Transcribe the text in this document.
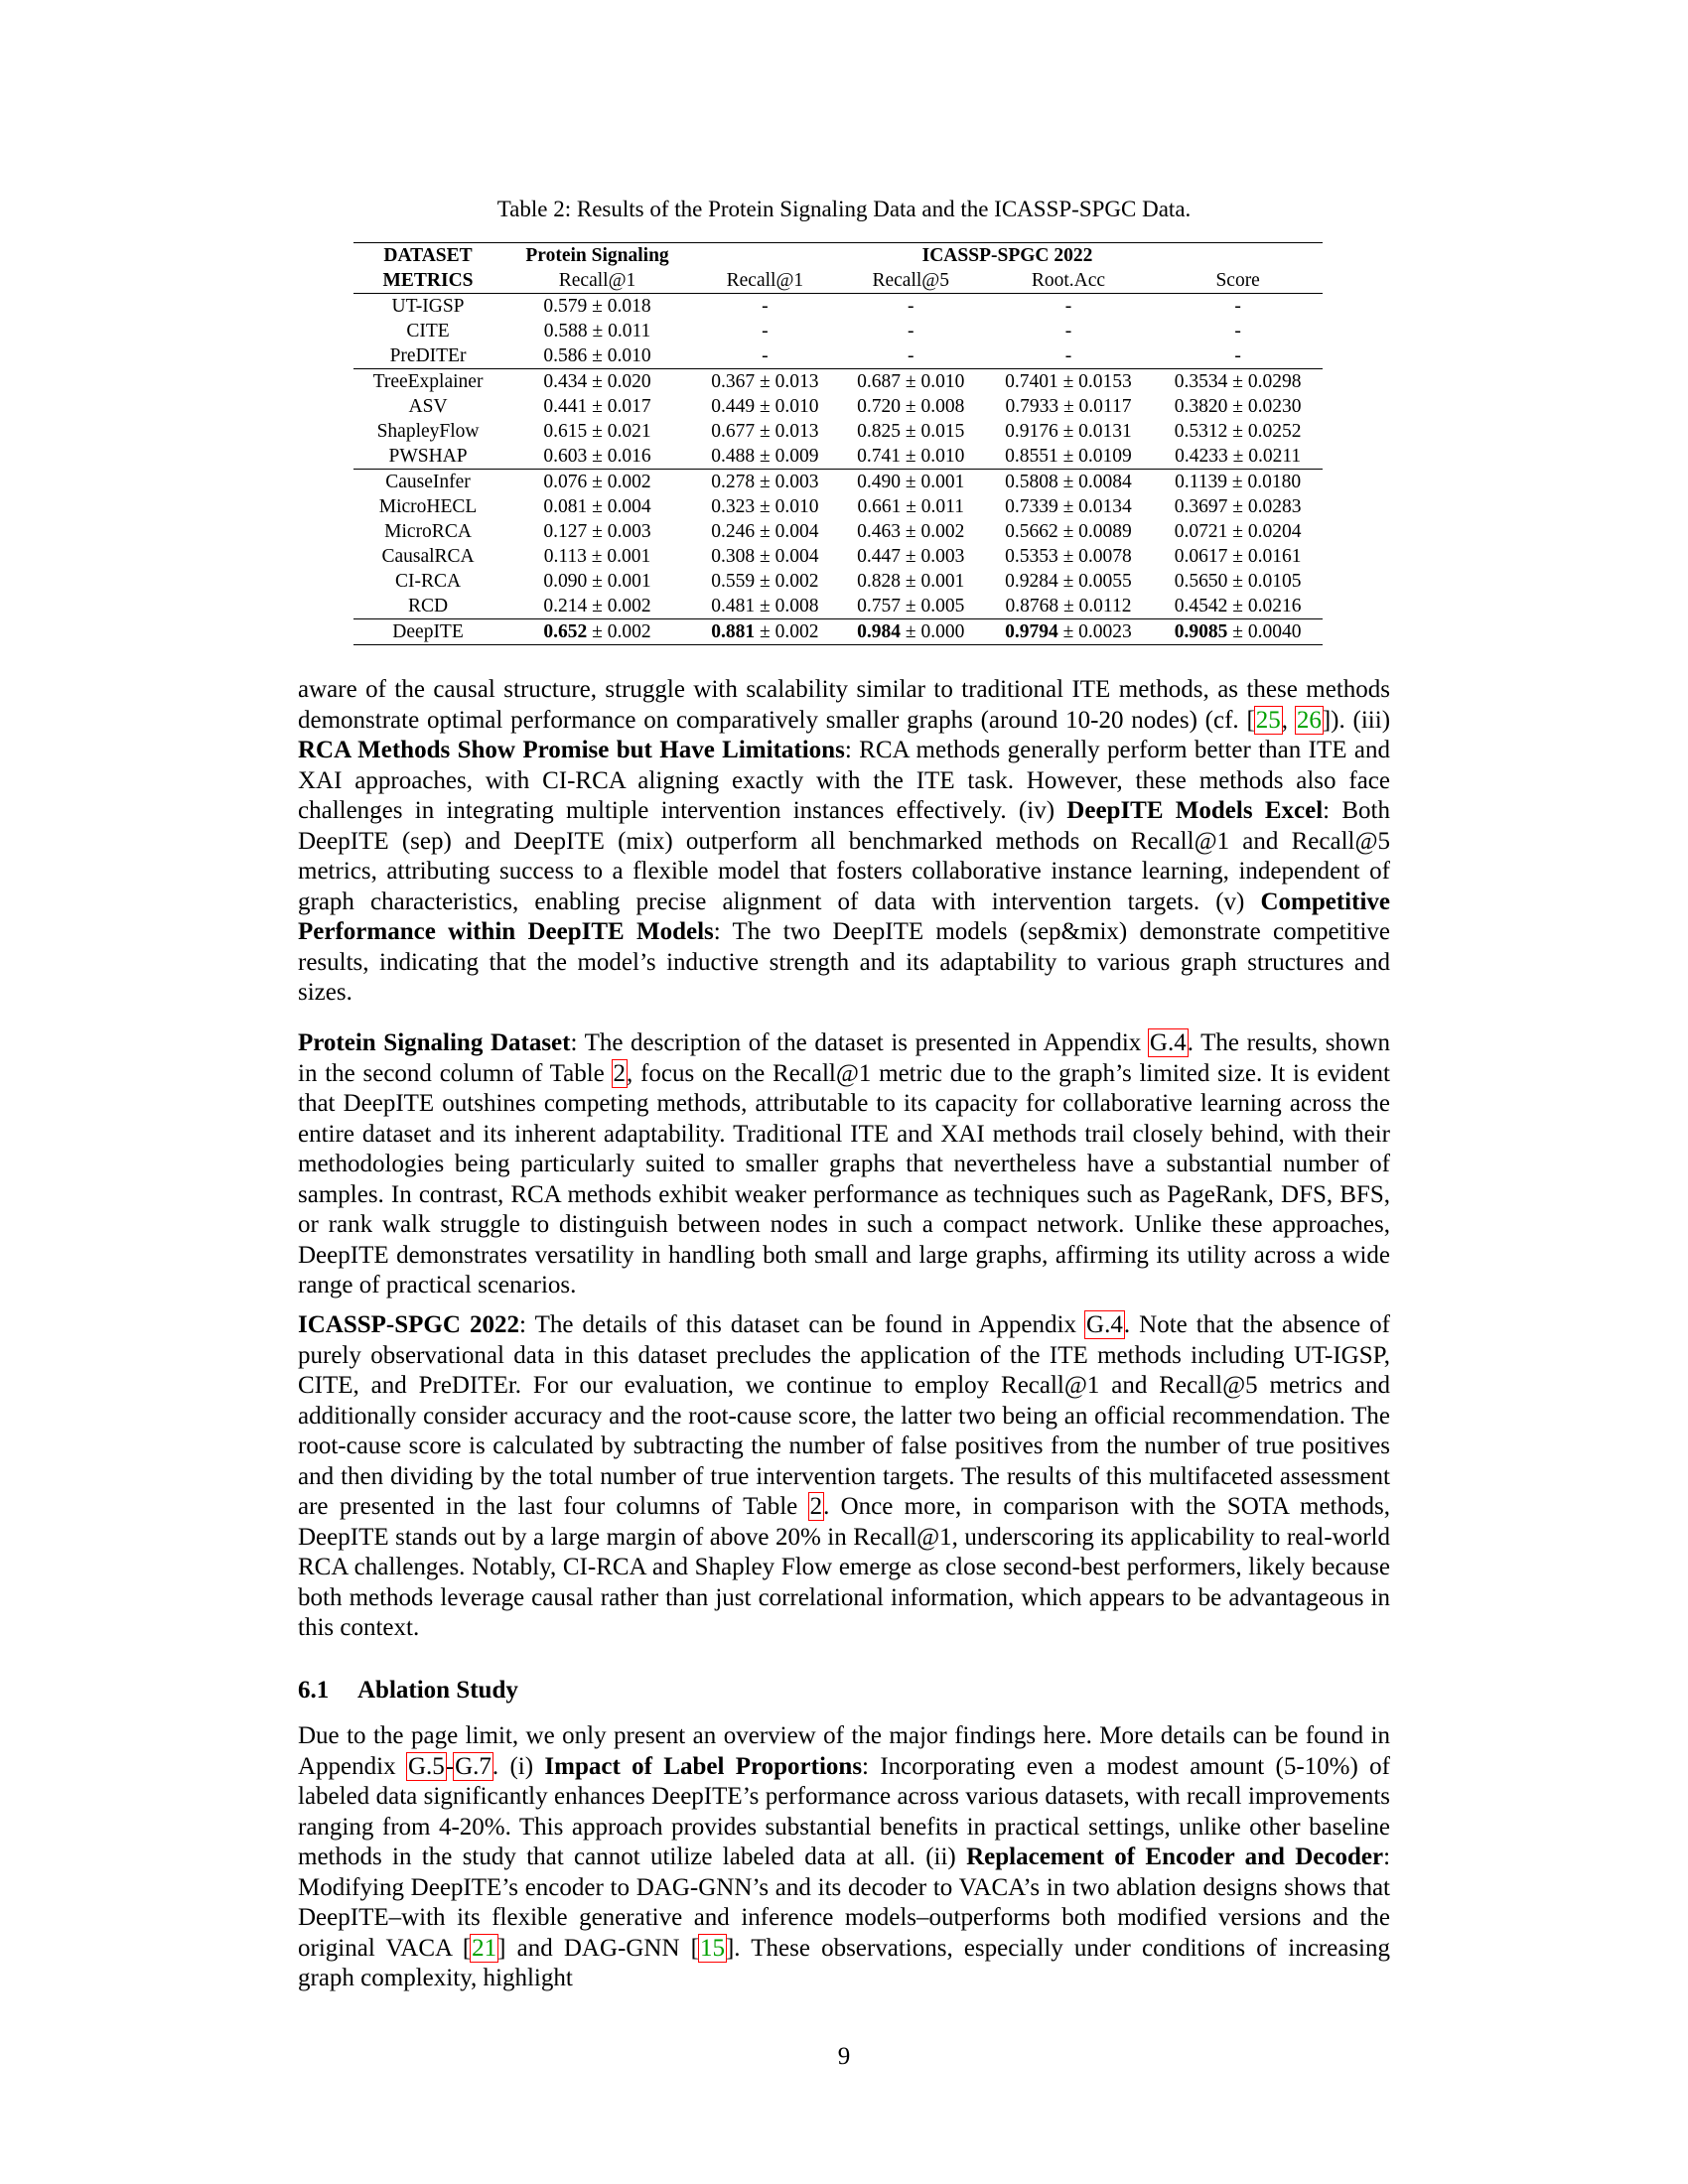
Table 2: Results of the Protein Signaling Data and the ICASSP-SPGC Data.
DATASET	Protein Signaling	ICASSP-SPGC 2022			
METRICS	Recall@1	Recall@1	Recall@5	Root.Acc	Score
UT-IGSP	0.579 ± 0.018	-	-	-	-
CITE	0.588 ± 0.011	-	-	-	-
PreDITEr	0.586 ± 0.010	-	-	-	-
TreeExplainer	0.434 ± 0.020	0.367 ± 0.013	0.687 ± 0.010	0.7401 ± 0.0153	0.3534 ± 0.0298
ASV	0.441 ± 0.017	0.449 ± 0.010	0.720 ± 0.008	0.7933 ± 0.0117	0.3820 ± 0.0230
ShapleyFlow	0.615 ± 0.021	0.677 ± 0.013	0.825 ± 0.015	0.9176 ± 0.0131	0.5312 ± 0.0252
PWSHAP	0.603 ± 0.016	0.488 ± 0.009	0.741 ± 0.010	0.8551 ± 0.0109	0.4233 ± 0.0211
CauseInfer	0.076 ± 0.002	0.278 ± 0.003	0.490 ± 0.001	0.5808 ± 0.0084	0.1139 ± 0.0180
MicroHECL	0.081 ± 0.004	0.323 ± 0.010	0.661 ± 0.011	0.7339 ± 0.0134	0.3697 ± 0.0283
MicroRCA	0.127 ± 0.003	0.246 ± 0.004	0.463 ± 0.002	0.5662 ± 0.0089	0.0721 ± 0.0204
CausalRCA	0.113 ± 0.001	0.308 ± 0.004	0.447 ± 0.003	0.5353 ± 0.0078	0.0617 ± 0.0161
CI-RCA	0.090 ± 0.001	0.559 ± 0.002	0.828 ± 0.001	0.9284 ± 0.0055	0.5650 ± 0.0105
RCD	0.214 ± 0.002	0.481 ± 0.008	0.757 ± 0.005	0.8768 ± 0.0112	0.4542 ± 0.0216
DeepITE	0.652 ± 0.002	0.881 ± 0.002	0.984 ± 0.000	0.9794 ± 0.0023	0.9085 ± 0.0040
aware of the causal structure, struggle with scalability similar to traditional ITE methods, as these methods demonstrate optimal performance on comparatively smaller graphs (around 10-20 nodes) (cf. [25, 26]). (iii) RCA Methods Show Promise but Have Limitations: RCA methods generally perform better than ITE and XAI approaches, with CI-RCA aligning exactly with the ITE task. However, these methods also face challenges in integrating multiple intervention instances effectively. (iv) DeepITE Models Excel: Both DeepITE (sep) and DeepITE (mix) outperform all benchmarked methods on Recall@1 and Recall@5 metrics, attributing success to a flexible model that fosters collaborative instance learning, independent of graph characteristics, enabling precise alignment of data with intervention targets. (v) Competitive Performance within DeepITE Models: The two DeepITE models (sep&mix) demonstrate competitive results, indicating that the model’s inductive strength and its adaptability to various graph structures and sizes.
Protein Signaling Dataset: The description of the dataset is presented in Appendix G.4. The results, shown in the second column of Table 2, focus on the Recall@1 metric due to the graph’s limited size. It is evident that DeepITE outshines competing methods, attributable to its capacity for collaborative learning across the entire dataset and its inherent adaptability. Traditional ITE and XAI methods trail closely behind, with their methodologies being particularly suited to smaller graphs that nevertheless have a substantial number of samples. In contrast, RCA methods exhibit weaker performance as techniques such as PageRank, DFS, BFS, or rank walk struggle to distinguish between nodes in such a compact network. Unlike these approaches, DeepITE demonstrates versatility in handling both small and large graphs, affirming its utility across a wide range of practical scenarios.
ICASSP-SPGC 2022: The details of this dataset can be found in Appendix G.4. Note that the absence of purely observational data in this dataset precludes the application of the ITE methods including UT-IGSP, CITE, and PreDITEr. For our evaluation, we continue to employ Recall@1 and Recall@5 metrics and additionally consider accuracy and the root-cause score, the latter two being an official recommendation. The root-cause score is calculated by subtracting the number of false positives from the number of true positives and then dividing by the total number of true intervention targets. The results of this multifaceted assessment are presented in the last four columns of Table 2. Once more, in comparison with the SOTA methods, DeepITE stands out by a large margin of above 20% in Recall@1, underscoring its applicability to real-world RCA challenges. Notably, CI-RCA and Shapley Flow emerge as close second-best performers, likely because both methods leverage causal rather than just correlational information, which appears to be advantageous in this context.
6.1 Ablation Study
Due to the page limit, we only present an overview of the major findings here. More details can be found in Appendix G.5-G.7. (i) Impact of Label Proportions: Incorporating even a modest amount (5-10%) of labeled data significantly enhances DeepITE’s performance across various datasets, with recall improvements ranging from 4-20%. This approach provides substantial benefits in practical settings, unlike other baseline methods in the study that cannot utilize labeled data at all. (ii) Replacement of Encoder and Decoder: Modifying DeepITE’s encoder to DAG-GNN’s and its decoder to VACA’s in two ablation designs shows that DeepITE–with its flexible generative and inference models–outperforms both modified versions and the original VACA [21] and DAG-GNN [15]. These observations, especially under conditions of increasing graph complexity, highlight
9
